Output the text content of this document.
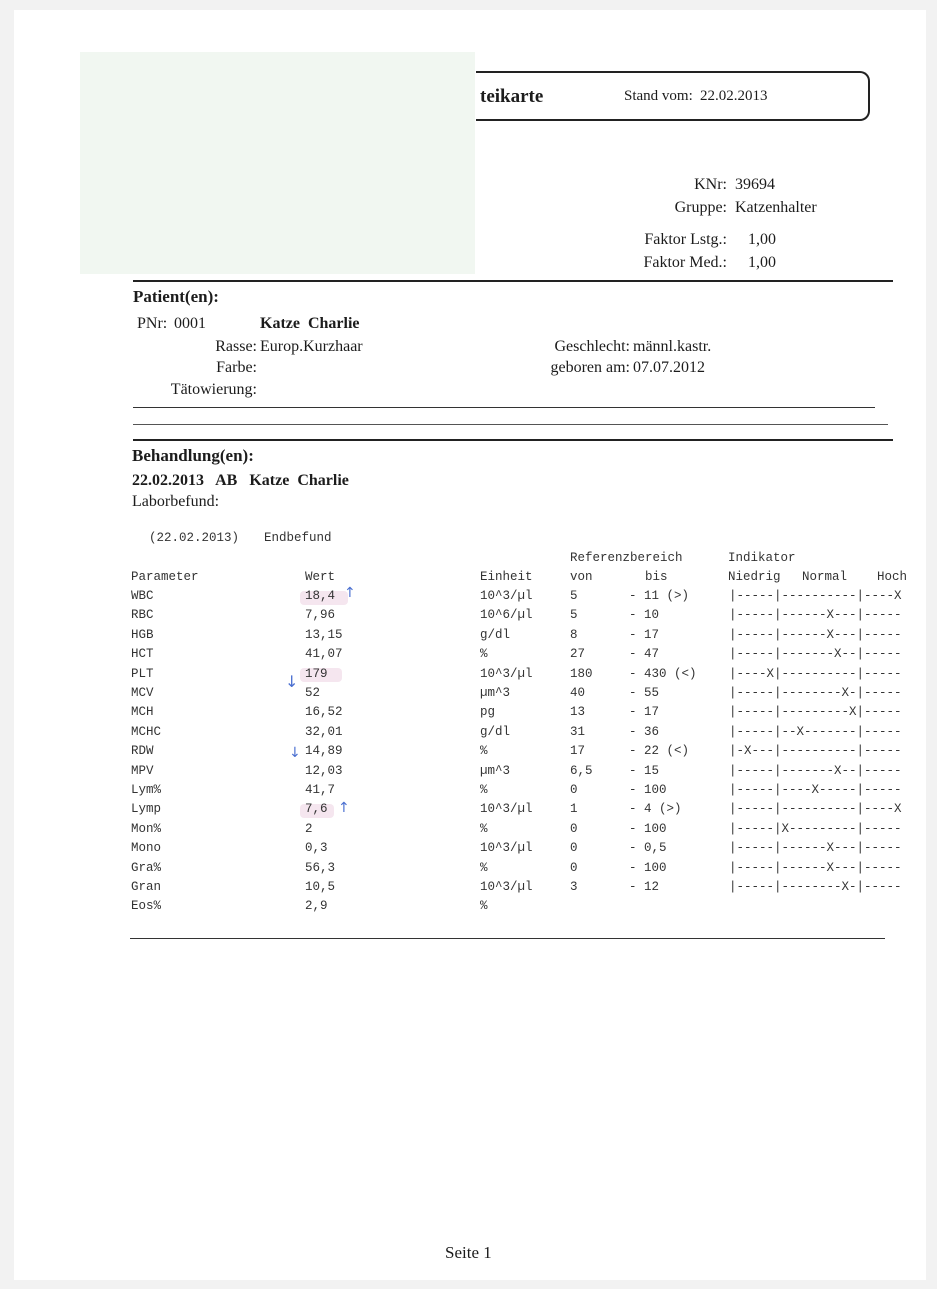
teikarte	Stand vom: 22.02.2013
KNr: 39694
Gruppe: Katzenhalter
Faktor Lstg.: 1,00
Faktor Med.: 1,00
Patient(en):
PNr: 0001	Katze  Charlie
Rasse: Europ.Kurzhaar
Farbe:
Tätowierung:
Geschlecht: männl.kastr.
geboren am: 07.07.2012
Behandlung(en):
22.02.2013   AB   Katze  Charlie
Laborbefund:
(22.02.2013) Endbefund
Referenzbereich	Indikator
Parameter	Wert	Einheit	von	bis	Niedrig Normal Hoch
WBC	18,4	10^3/µl	5	- 11 (>)	|-----|----------|----X
RBC	7,96	10^6/µl	5	- 10	|-----|------X---|-----
HGB	13,15	g/dl	8	- 17	|-----|------X---|-----
HCT	41,07	%	27	- 47	|-----|-------X--|-----
PLT	179	10^3/µl	180	- 430 (<)	|----X|----------|-----
MCV	52	µm^3	40	- 55	|-----|--------X-|-----
MCH	16,52	pg	13	- 17	|-----|---------X|-----
MCHC	32,01	g/dl	31	- 36	|-----|--X-------|-----
RDW	14,89	%	17	- 22 (<)	|-X---|----------|-----
MPV	12,03	µm^3	6,5	- 15	|-----|-------X--|-----
Lym%	41,7	%	0	- 100	|-----|----X-----|-----
Lymp	7,6	10^3/µl	1	- 4 (>)	|-----|----------|----X
Mon%	2	%	0	- 100	|-----|X---------|-----
Mono	0,3	10^3/µl	0	- 0,5	|-----|------X---|-----
Gra%	56,3	%	0	- 100	|-----|------X---|-----
Gran	10,5	10^3/µl	3	- 12	|-----|--------X-|-----
Eos%	2,9	%
↑
↓
↓
↑
Seite 1
